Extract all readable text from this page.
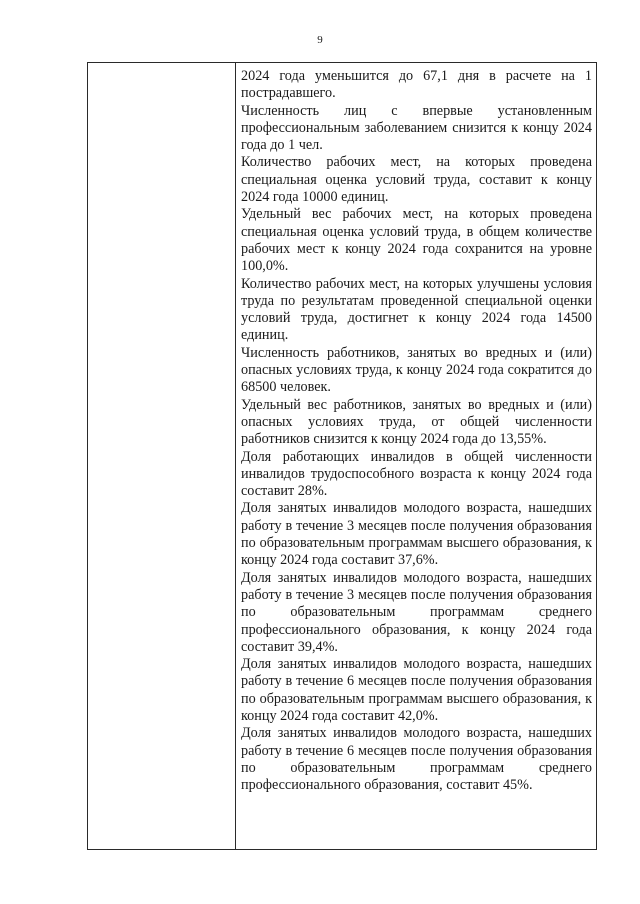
9

2024 года уменьшится до 67,1 дня в расчете на 1 пострадавшего.

Численность лиц с впервые установленным профессиональным заболеванием снизится к концу 2024 года до 1 чел.

Количество рабочих мест, на которых проведена специальная оценка условий труда, составит к концу 2024 года 10000 единиц.

Удельный вес рабочих мест, на которых проведена специальная оценка условий труда, в общем количестве рабочих мест к концу 2024 года сохранится на уровне 100,0%.

Количество рабочих мест, на которых улучшены условия труда по результатам проведенной специальной оценки условий труда, достигнет к концу 2024 года 14500 единиц.

Численность работников, занятых во вредных и (или) опасных условиях труда, к концу 2024 года сократится до 68500 человек.

Удельный вес работников, занятых во вредных и (или) опасных условиях труда, от общей численности работников снизится к концу 2024 года до 13,55%.

Доля работающих инвалидов в общей численности инвалидов трудоспособного возраста к концу 2024 года составит 28%.

Доля занятых инвалидов молодого возраста, нашедших работу в течение 3 месяцев после получения образования по образовательным программам высшего образования, к концу 2024 года составит 37,6%.

Доля занятых инвалидов молодого возраста, нашедших работу в течение 3 месяцев после получения образования по образовательным программам среднего профессионального образования, к концу 2024 года составит 39,4%.

Доля занятых инвалидов молодого возраста, нашедших работу в течение 6 месяцев после получения образования по образовательным программам высшего образования, к концу 2024 года составит 42,0%.

Доля занятых инвалидов молодого возраста, нашедших работу в течение 6 месяцев после получения образования по образовательным программам среднего профессионального образования, составит 45%.
